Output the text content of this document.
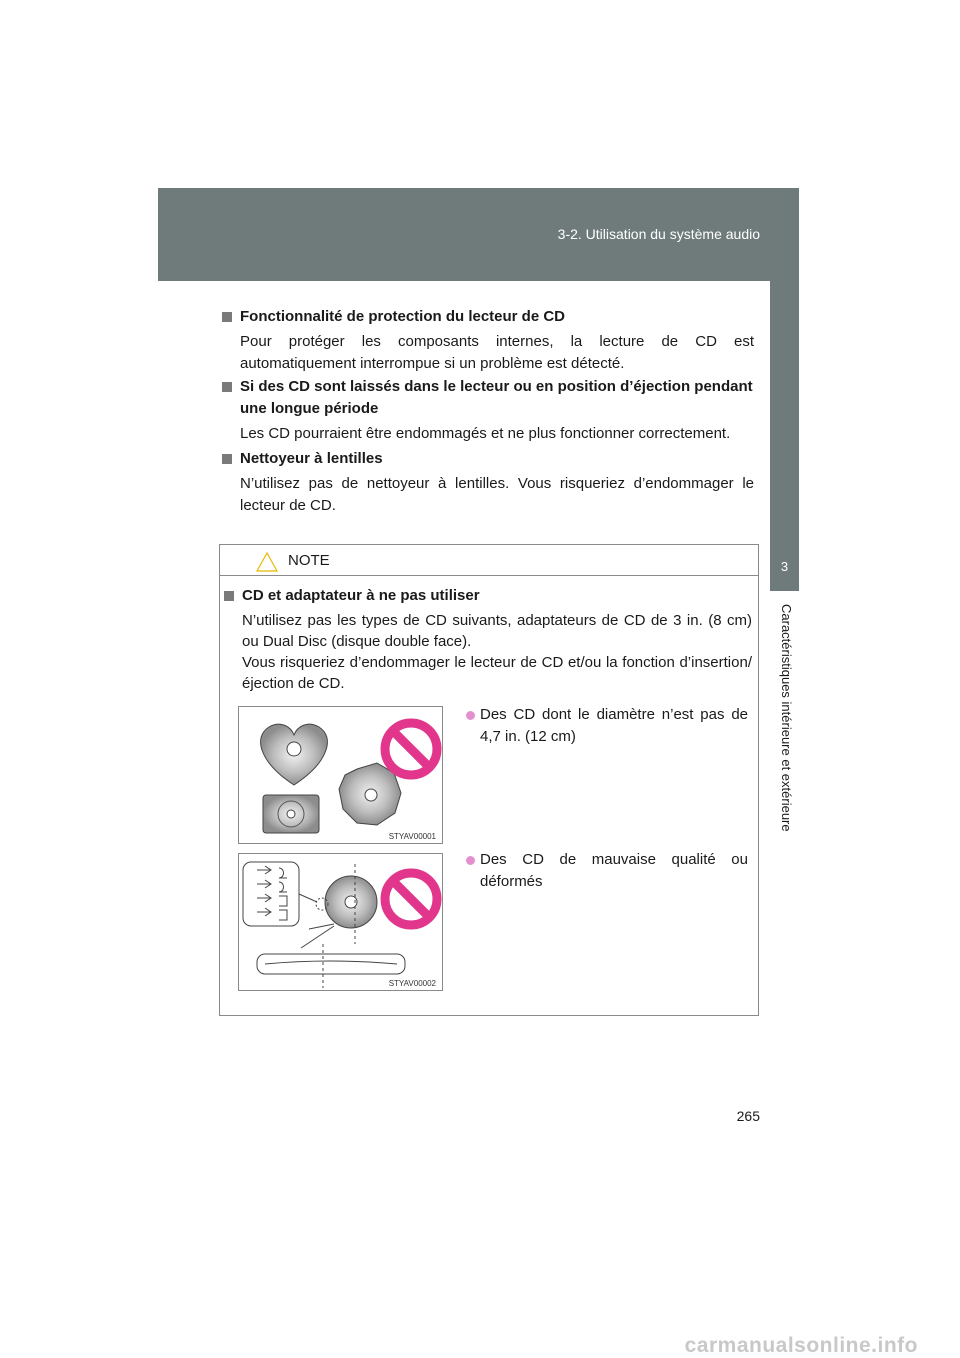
3-2. Utilisation du système audio
3
Caractéristiques intérieure et extérieure
Fonctionnalité de protection du lecteur de CD
Pour protéger les composants internes, la lecture de CD est automatiquement interrompue si un problème est détecté.
Si des CD sont laissés dans le lecteur ou en position d’éjection pendant une longue période
Les CD pourraient être endommagés et ne plus fonctionner correctement.
Nettoyeur à lentilles
N’utilisez pas de nettoyeur à lentilles. Vous risqueriez d’endommager le lecteur de CD.
NOTE
CD et adaptateur à ne pas utiliser
N’utilisez pas les types de CD suivants, adaptateurs de CD de 3 in. (8 cm) ou Dual Disc (disque double face).
Vous risqueriez d’endommager le lecteur de CD et/ou la fonction d’insertion/éjection de CD.
STYAV00001
Des CD dont le diamètre n’est pas de 4,7 in. (12 cm)
STYAV00002
Des CD de mauvaise qualité ou déformés
265
carmanualsonline.info
